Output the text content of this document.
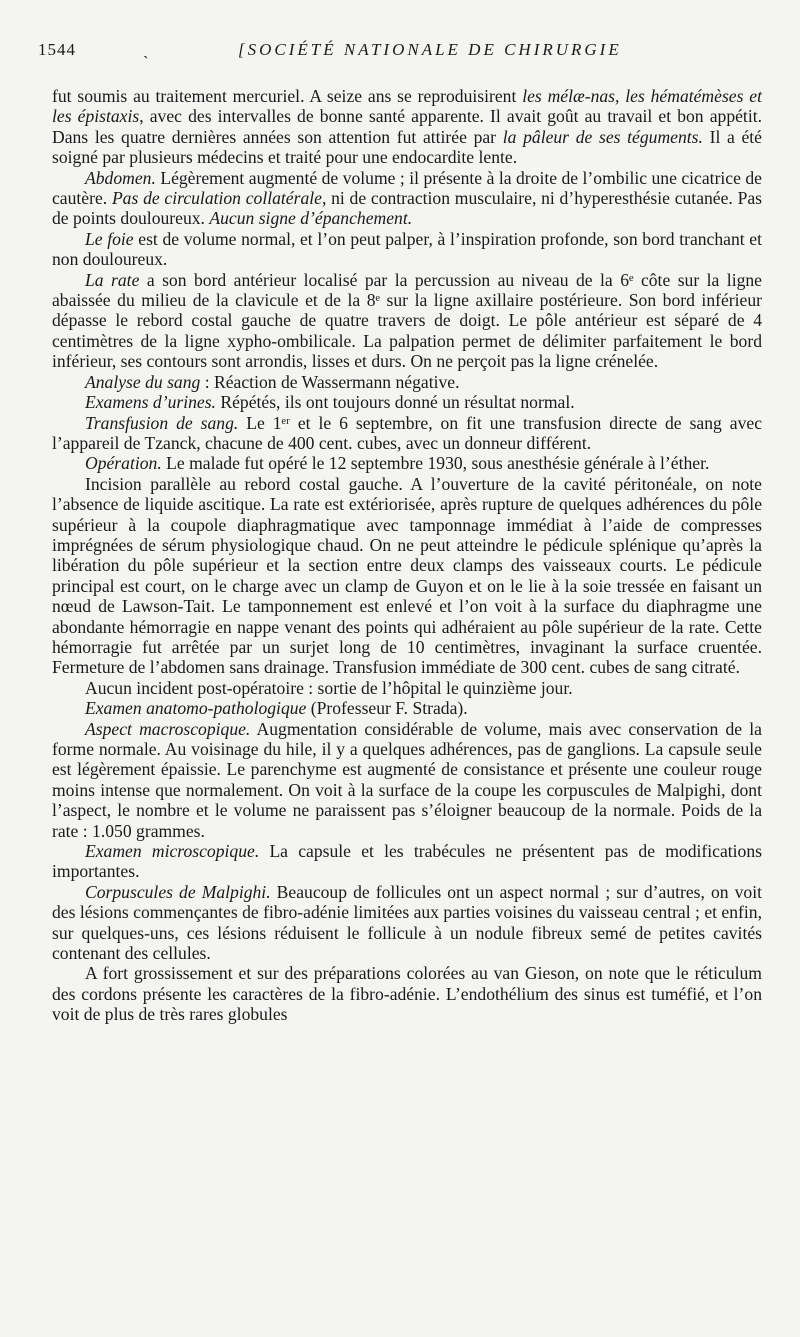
1544	ˎ	[SOCIÉTÉ NATIONALE DE CHIRURGIE

fut soumis au traitement mercuriel. A seize ans se reproduisirent les mélæ-nas, les hématémèses et les épistaxis, avec des intervalles de bonne santé apparente. Il avait goût au travail et bon appétit. Dans les quatre dernières années son attention fut attirée par la pâleur de ses téguments. Il a été soigné par plusieurs médecins et traité pour une endocardite lente.

Abdomen. Légèrement augmenté de volume ; il présente à la droite de l’ombilic une cicatrice de cautère. Pas de circulation collatérale, ni de contraction musculaire, ni d’hyperesthésie cutanée. Pas de points douloureux. Aucun signe d’épanchement.

Le foie est de volume normal, et l’on peut palper, à l’inspiration profonde, son bord tranchant et non douloureux.

La rate a son bord antérieur localisé par la percussion au niveau de la 6ᵉ côte sur la ligne abaissée du milieu de la clavicule et de la 8ᵉ sur la ligne axillaire postérieure. Son bord inférieur dépasse le rebord costal gauche de quatre travers de doigt. Le pôle antérieur est séparé de 4 centimètres de la ligne xypho-ombilicale. La palpation permet de délimiter parfaitement le bord inférieur, ses contours sont arrondis, lisses et durs. On ne perçoit pas la ligne crénelée.

Analyse du sang : Réaction de Wassermann négative.

Examens d’urines. Répétés, ils ont toujours donné un résultat normal.

Transfusion de sang. Le 1ᵉʳ et le 6 septembre, on fit une transfusion directe de sang avec l’appareil de Tzanck, chacune de 400 cent. cubes, avec un donneur différent.

Opération. Le malade fut opéré le 12 septembre 1930, sous anesthésie générale à l’éther.

Incision parallèle au rebord costal gauche. A l’ouverture de la cavité péritonéale, on note l’absence de liquide ascitique. La rate est extériorisée, après rupture de quelques adhérences du pôle supérieur à la coupole diaphragmatique avec tamponnage immédiat à l’aide de compresses imprégnées de sérum physiologique chaud. On ne peut atteindre le pédicule splénique qu’après la libération du pôle supérieur et la section entre deux clamps des vaisseaux courts. Le pédicule principal est court, on le charge avec un clamp de Guyon et on le lie à la soie tressée en faisant un nœud de Lawson-Tait. Le tamponnement est enlevé et l’on voit à la surface du diaphragme une abondante hémorragie en nappe venant des points qui adhéraient au pôle supérieur de la rate. Cette hémorragie fut arrêtée par un surjet long de 10 centimètres, invaginant la surface cruentée. Fermeture de l’abdomen sans drainage. Transfusion immédiate de 300 cent. cubes de sang citraté.

Aucun incident post-opératoire : sortie de l’hôpital le quinzième jour.

Examen anatomo-pathologique (Professeur F. Strada).

Aspect macroscopique. Augmentation considérable de volume, mais avec conservation de la forme normale. Au voisinage du hile, il y a quelques adhérences, pas de ganglions. La capsule seule est légèrement épaissie. Le parenchyme est augmenté de consistance et présente une couleur rouge moins intense que normalement. On voit à la surface de la coupe les corpuscules de Malpighi, dont l’aspect, le nombre et le volume ne paraissent pas s’éloigner beaucoup de la normale. Poids de la rate : 1.050 grammes.

Examen microscopique. La capsule et les trabécules ne présentent pas de modifications importantes.

Corpuscules de Malpighi. Beaucoup de follicules ont un aspect normal ; sur d’autres, on voit des lésions commençantes de fibro-adénie limitées aux parties voisines du vaisseau central ; et enfin, sur quelques-uns, ces lésions réduisent le follicule à un nodule fibreux semé de petites cavités contenant des cellules.

A fort grossissement et sur des préparations colorées au van Gieson, on note que le réticulum des cordons présente les caractères de la fibro-adénie. L’endothélium des sinus est tuméfié, et l’on voit de plus de très rares globules
